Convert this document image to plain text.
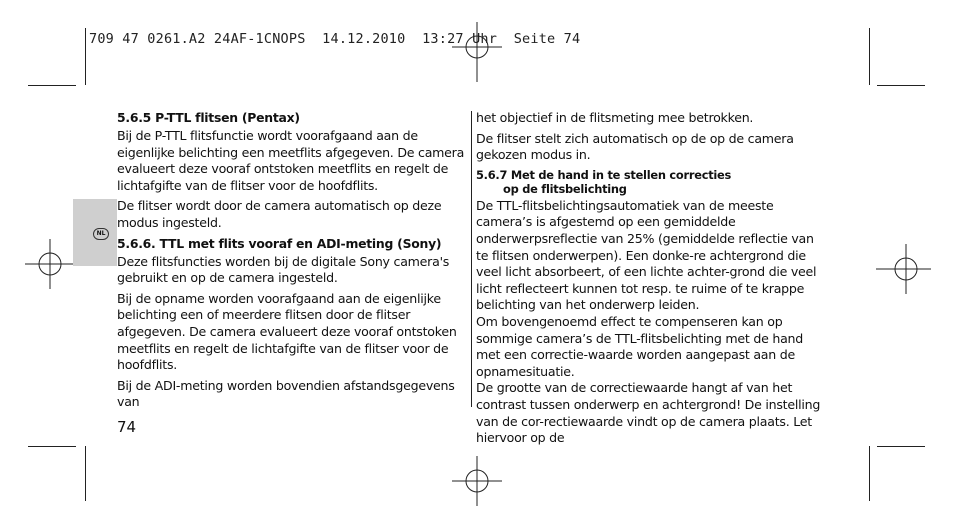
709 47 0261.A2 24AF-1CNOPS  14.12.2010  13:27 Uhr  Seite 74
NL
5.6.5 P-TTL flitsen (Pentax)

Bij de P-TTL flitsfunctie wordt voorafgaand aan de eigenlijke belichting een meetflits afgegeven. De camera evalueert deze vooraf ontstoken meetflits en regelt de lichtafgifte van de flitser voor de hoofdflits.

De flitser wordt door de camera automatisch op deze modus ingesteld.

5.6.6. TTL met flits vooraf en ADI-meting (Sony)

Deze flitsfuncties worden bij de digitale Sony camera's gebruikt en op de camera ingesteld.

Bij de opname worden voorafgaand aan de eigenlijke belichting een of meerdere flitsen door de flitser afgegeven. De camera evalueert deze vooraf ontstoken meetflits en regelt de lichtafgifte van de flitser voor de hoofdflits.

Bij de ADI-meting worden bovendien afstandsgegevens van

het objectief in de flitsmeting mee betrokken.

De flitser stelt zich automatisch op de op de camera gekozen modus in.

5.6.7 Met de hand in te stellen correcties
op de flitsbelichting

De TTL-flitsbelichtingsautomatiek van de meeste camera’s is afgestemd op een gemiddelde onderwerpsreflectie van 25% (gemiddelde reflectie van te flitsen onderwerpen). Een donke-re achtergrond die veel licht absorbeert, of een lichte achter-grond die veel licht reflecteert kunnen tot resp. te ruime of te krappe belichting van het onderwerp leiden.

Om bovengenoemd effect te compenseren kan op sommige camera’s de TTL-flitsbelichting met de hand met een correctie-waarde worden aangepast aan de opnamesituatie.

De grootte van de correctiewaarde hangt af van het contrast tussen onderwerp en achtergrond! De instelling van de cor-rectiewaarde vindt op de camera plaats. Let hiervoor op de

74
